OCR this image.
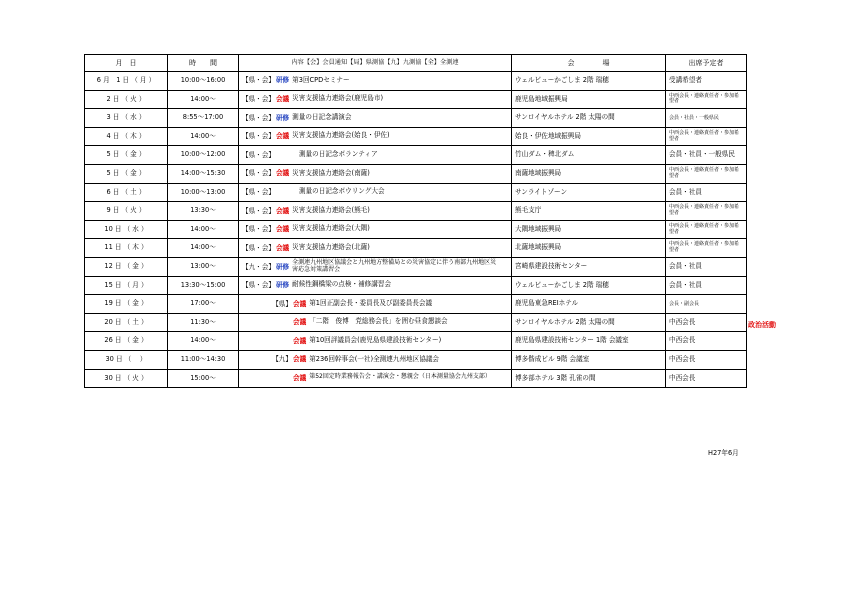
月　日	時　　間	内容【会】会員通知【局】県測協【九】九測協【全】全測連	会　　　　場	出席予定者
6 月　1 日 （ 月 ）	10:00～16:00	【県・会】研修 第3回CPDセミナー	ウェルビューかごしま 2階 瑞穂	受講希望者
2 日 （ 火 ）	14:00～	【県・会】会議 災害支援協力連絡会(鹿児島市)	鹿児島地域振興局	中西会長・連絡責任者・参加希望者

3 日 （ 水 ）	8:55～17:00	【県・会】研修 測量の日記念講演会	サンロイヤルホテル 2階 太陽の間	会員・社員・一般県民
4 日 （ 木 ）	14:00～	【県・会】会議 災害支援協力連絡会(姶良・伊佐)	姶良・伊佐地域振興局	中西会長・連絡責任者・参加希望者

5 日 （ 金 ）	10:00～12:00	【県・会】 測量の日記念ボランティア	竹山ダム・稗北ダム	会員・社員・一般県民
5 日 （ 金 ）	14:00～15:30	【県・会】会議 災害支援協力連絡会(南薩)	南薩地域振興局	中西会長・連絡責任者・参加希望者

6 日 （ 土 ）	10:00～13:00	【県・会】 測量の日記念ボウリング大会	サンライトゾーン	会員・社員
9 日 （ 火 ）	13:30～	【県・会】会議 災害支援協力連絡会(熊毛)	熊毛支庁	中西会長・連絡責任者・参加希望者

10 日 （ 水 ）	14:00～	【県・会】会議 災害支援協力連絡会(大隅)	大隅地域振興局	中西会長・連絡責任者・参加希望者

11 日 （ 木 ）	14:00～	【県・会】会議 災害支援協力連絡会(北薩)	北薩地域振興局	中西会長・連絡責任者・参加希望者

12 日 （ 金 ）	13:00～	【九・会】研修 全測連九州地区協議会と九州地方整備局との災害協定に伴う南部九州地区災害応急対策講習会	宮崎県建設技術センター	会員・社員
15 日 （ 月 ）	13:30～15:00	【県・会】研修 耐候性鋼橋梁の点検・補修講習会	ウェルビューかごしま 2階 瑞穂	会員・社員
19 日 （ 金 ）	17:00～	【県】会議 第1回正副会長・委員長及び副委員長会議	鹿児島東急REIホテル	会長・副会長
20 日 （ 土 ）	11:30～	会議 「二階　俊博　党総務会長」を囲む昼食懇談会	サンロイヤルホテル 2階 太陽の間	中西会長
26 日 （ 金 ）	14:00～	会議 第10回評議員会(鹿児島県建設技術センター)	鹿児島県建設技術センター 1階 会議室	中西会長
30 日 （　 ）	11:00～14:30	【九】会議 第236回幹事会(一社)全測連九州地区協議会	博多偕成ビル 9階 会議室	中西会長
30 日 （ 火 ）	15:00～	会議 第52回定時業務報告会・講演会・懇親会（日本測量協会九州支部）	博多部ホテル 3階 孔雀の間	中西会長
政治活動
H27年6月
